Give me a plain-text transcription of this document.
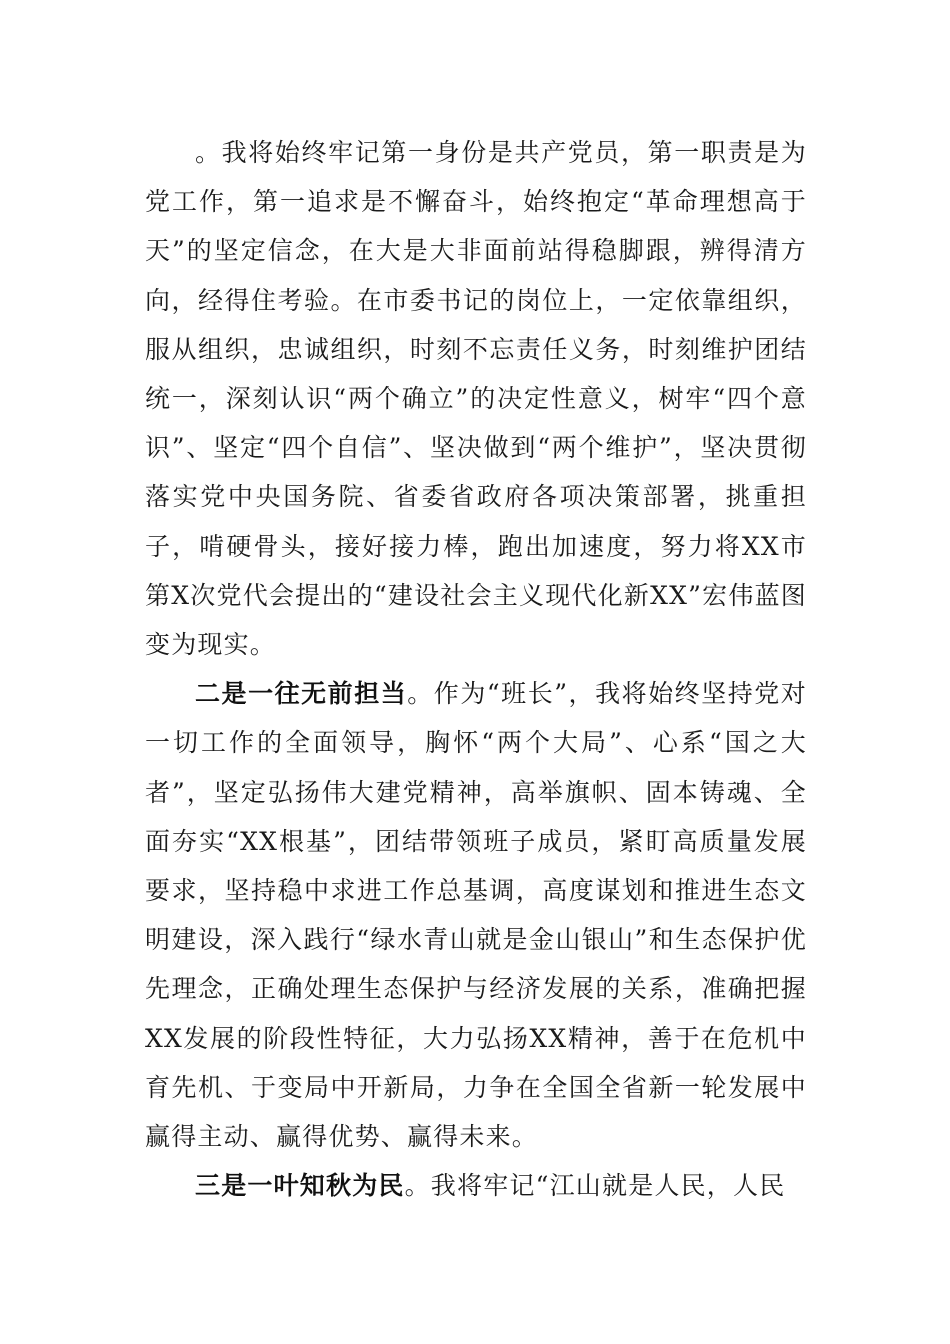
。我将始终牢记第一身份是共产党员，第一职责是为党工作，第一追求是不懈奋斗，始终抱定“革命理想高于天”的坚定信念，在大是大非面前站得稳脚跟，辨得清方向，经得住考验。在市委书记的岗位上，一定依靠组织，服从组织，忠诚组织，时刻不忘责任义务，时刻维护团结统一，深刻认识“两个确立”的决定性意义，树牢“四个意识”、坚定“四个自信”、坚决做到“两个维护”，坚决贯彻落实党中央国务院、省委省政府各项决策部署，挑重担子，啃硬骨头，接好接力棒，跑出加速度，努力将XX市第X次党代会提出的“建设社会主义现代化新XX”宏伟蓝图变为现实。

二是一往无前担当。作为“班长”，我将始终坚持党对一切工作的全面领导，胸怀“两个大局”、心系“国之大者”，坚定弘扬伟大建党精神，高举旗帜、固本铸魂、全面夯实“XX根基”，团结带领班子成员，紧盯高质量发展要求，坚持稳中求进工作总基调，高度谋划和推进生态文明建设，深入践行“绿水青山就是金山银山”和生态保护优先理念，正确处理生态保护与经济发展的关系，准确把握XX发展的阶段性特征，大力弘扬XX精神，善于在危机中育先机、于变局中开新局，力争在全国全省新一轮发展中赢得主动、赢得优势、赢得未来。

三是一叶知秋为民。我将牢记“江山就是人民，人民
